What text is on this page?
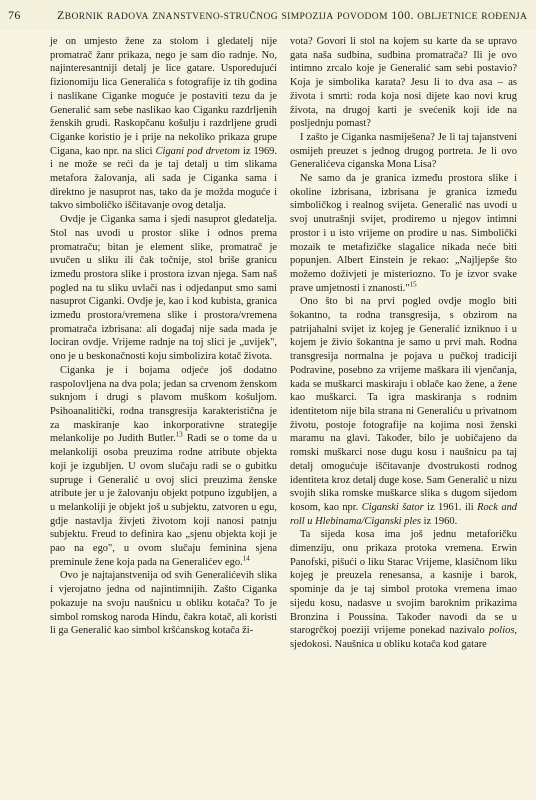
76	ZBORNIK RADOVA ZNANSTVENO-STRUČNOG SIMPOZIJA POVODOM 100. OBLJETNICE ROĐENJA

je on umjesto žene za stolom i gledatelj nije promatrač žanr prikaza, nego je sam dio radnje. No, najinteresantniji detalj je lice gatare. Usporedujući fizionomiju lica Generalića s fotografije iz tih godina i naslikane Ciganke moguće je postaviti tezu da je Generalić sam sebe naslikao kao Ciganku razdrljenih ženskih grudi. Raskopčanu košulju i razdrljene grudi Ciganke koristio je i prije na nekoliko prikaza grupe Cigana, kao npr. na slici Cigani pod drvetom iz 1969. i ne može se reći da je taj detalj u tim slikama metafora žalovanja, ali sada je Ciganka sama i direktno je nasuprot nas, tako da je možda moguće i takvo simboličko iščitavanje ovog detalja.

Ovdje je Ciganka sama i sjedi nasuprot gledatelja. Stol nas uvodi u prostor slike i odnos prema promatraču; bitan je element slike, promatrač je uvučen u sliku ili čak točnije, stol briše granicu između prostora slike i prostora izvan njega. Sam naš pogled na tu sliku uvlači nas i odjedanput smo sami nasuprot Ciganki. Ovdje je, kao i kod kubista, granica između prostora/vremena slike i prostora/vremena promatrača izbrisana: ali događaj nije sada mada je lociran ovdje. Vrijeme radnje na toj slici je „uvijek", ono je u beskonačnosti koju simbolizira kotač života.

Ciganka je i bojama odjeće još dodatno raspolovljena na dva pola; jedan sa crvenom ženskom suknjom i drugi s plavom muškom košuljom. Psihoanalitički, rodna transgresija karakteristična je za maskiranje kao inkorporativne strategije melankolije po Judith Butler.$^{13}$ Radi se o tome da u melankoliji osoba preuzima rodne atribute objekta koji je izgubljen. U ovom slučaju radi se o gubitku supruge i Generalić u ovoj slici preuzima ženske atribute jer u je žalovanju objekt potpuno izgubljen, a u melankoliji je objekt još u subjektu, zatvoren u egu, gdje nastavlja živjeti životom koji nanosi patnju subjektu. Freud to definira kao „sjenu objekta koji je pao na ego", u ovom slučaju feminina sjena preminule žene koja pada na Generalićev ego.$^{14}$

Ovo je najtajanstvenija od svih Generalićevih slika i vjerojatno jedna od najintimnijih. Zašto Ciganka pokazuje na svoju naušnicu u obliku kotača? To je simbol romskog naroda Hindu, čakra kotač, ali koristi li ga Generalić kao simbol kršćanskog kotača ži-

vota? Govori li stol na kojem su karte da se upravo gata naša sudbina, sudbina promatrača? Ili je ovo intimno zrcalo koje je Generalić sam sebi postavio? Koja je simbolika karata? Jesu li to dva asa – as života i smrti: roda koja nosi dijete kao novi krug života, na drugoj karti je svećenik koji ide na posljednju pomast?

I zašto je Ciganka nasmiješena? Je li taj tajanstveni osmijeh preuzet s jednog drugog portreta. Je li ovo Generalićeva ciganska Mona Lisa?

Ne samo da je granica između prostora slike i okoline izbrisana, izbrisana je granica između simboličkog i realnog svijeta. Generalić nas uvodi u svoj unutrašnji svijet, prodiremo u njegov intimni prostor i u isto vrijeme on prodire u nas. Simbolički mozaik te metafizičke slagalice nikada neće biti popunjen. Albert Einstein je rekao: „Najljepše što možemo doživjeti je misteriozno. To je izvor svake prave umjetnosti i znanosti."$^{15}$

Ono što bi na prvi pogled ovdje moglo biti šokantno, ta rodna transgresija, s obzirom na patrijahalni svijet iz kojeg je Generalić izniknuo i u kojem je živio šokantna je samo u prvi mah. Rodna transgresija normalna je pojava u pučkoj tradiciji Podravine, posebno za vrijeme maškara ili vjenčanja, kada se muškarci maskiraju i oblače kao žene, a žene kao muškarci. Ta igra maskiranja s rodnim identitetom nije bila strana ni Generaliću u privatnom životu, postoje fotografije na kojima nosi ženski maramu na glavi. Također, bilo je uobičajeno da romski muškarci nose dugu kosu i naušnicu pa taj detalj omogućuje iščitavanje dvostrukosti rodnog identiteta kroz detalj duge kose. Sam Generalić u nizu svojih slika romske muškarce slika s dugom sijedom kosom, kao npr. Ciganski šator iz 1961. ili Rock and roll u Hlebinama/Ciganski ples iz 1960.

Ta sijeda kosa ima još jednu metaforičku dimenziju, onu prikaza protoka vremena. Erwin Panofski, pišući o liku Starac Vrijeme, klasičnom liku kojeg je preuzela renesansa, a kasnije i barok, spominje da je taj simbol protoka vremena imao sijedu kosu, nadasve u svojim baroknim prikazima Bronzina i Poussina. Također navodi da se u starogrčkoj poeziji vrijeme ponekad nazivalo polios, sjedokosi. Naušnica u obliku kotača kod gatare
